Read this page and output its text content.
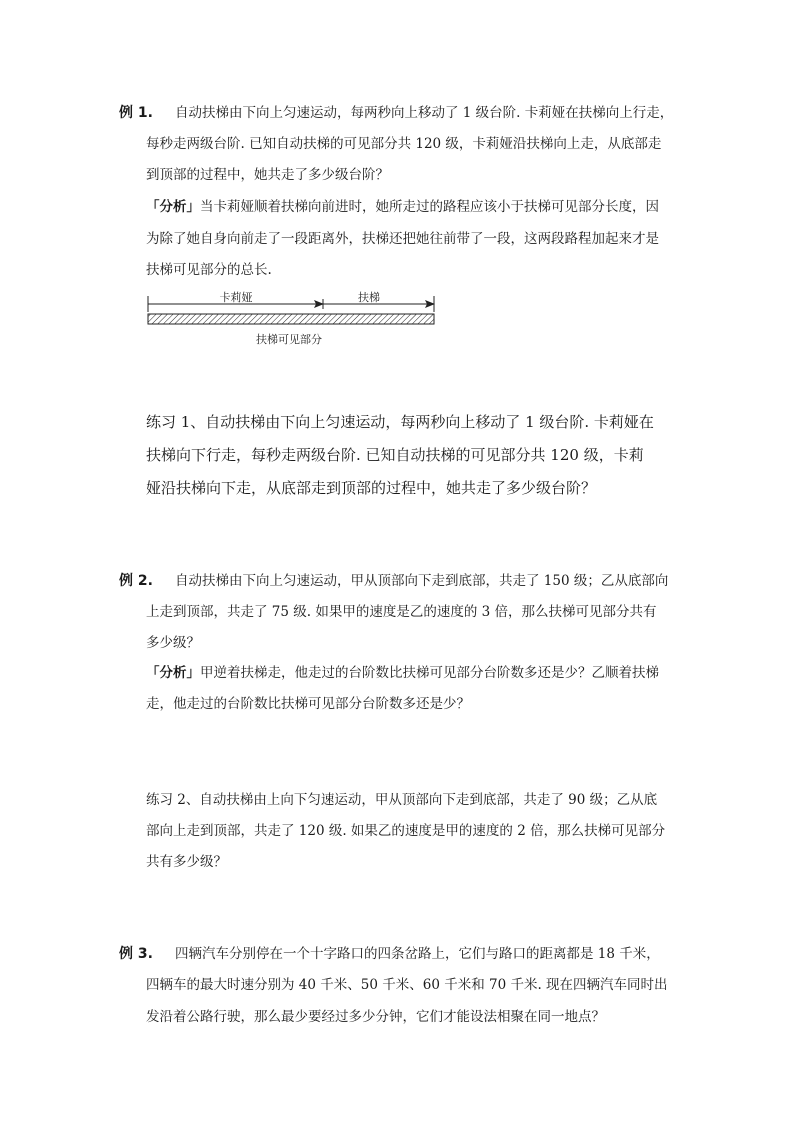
例 1. 自动扶梯由下向上匀速运动，每两秒向上移动了 1 级台阶. 卡莉娅在扶梯向上行走，
每秒走两级台阶. 已知自动扶梯的可见部分共 120 级，卡莉娅沿扶梯向上走，从底部走
到顶部的过程中，她共走了多少级台阶？
「分析」当卡莉娅顺着扶梯向前进时，她所走过的路程应该小于扶梯可见部分长度，因
为除了她自身向前走了一段距离外，扶梯还把她往前带了一段，这两段路程加起来才是
扶梯可见部分的总长.
卡莉娅	扶梯
扶梯可见部分
练习 1、自动扶梯由下向上匀速运动，每两秒向上移动了 1 级台阶. 卡莉娅在
扶梯向下行走，每秒走两级台阶. 已知自动扶梯的可见部分共 120 级，卡莉
娅沿扶梯向下走，从底部走到顶部的过程中，她共走了多少级台阶？
例 2. 自动扶梯由下向上匀速运动，甲从顶部向下走到底部，共走了 150 级；乙从底部向
上走到顶部，共走了 75 级. 如果甲的速度是乙的速度的 3 倍，那么扶梯可见部分共有
多少级？
「分析」甲逆着扶梯走，他走过的台阶数比扶梯可见部分台阶数多还是少？乙顺着扶梯
走，他走过的台阶数比扶梯可见部分台阶数多还是少？
练习 2、自动扶梯由上向下匀速运动，甲从顶部向下走到底部，共走了 90 级；乙从底
部向上走到顶部，共走了 120 级. 如果乙的速度是甲的速度的 2 倍，那么扶梯可见部分
共有多少级？
例 3. 四辆汽车分别停在一个十字路口的四条岔路上，它们与路口的距离都是 18 千米，
四辆车的最大时速分别为 40 千米、50 千米、60 千米和 70 千米. 现在四辆汽车同时出
发沿着公路行驶，那么最少要经过多少分钟，它们才能设法相聚在同一地点？
